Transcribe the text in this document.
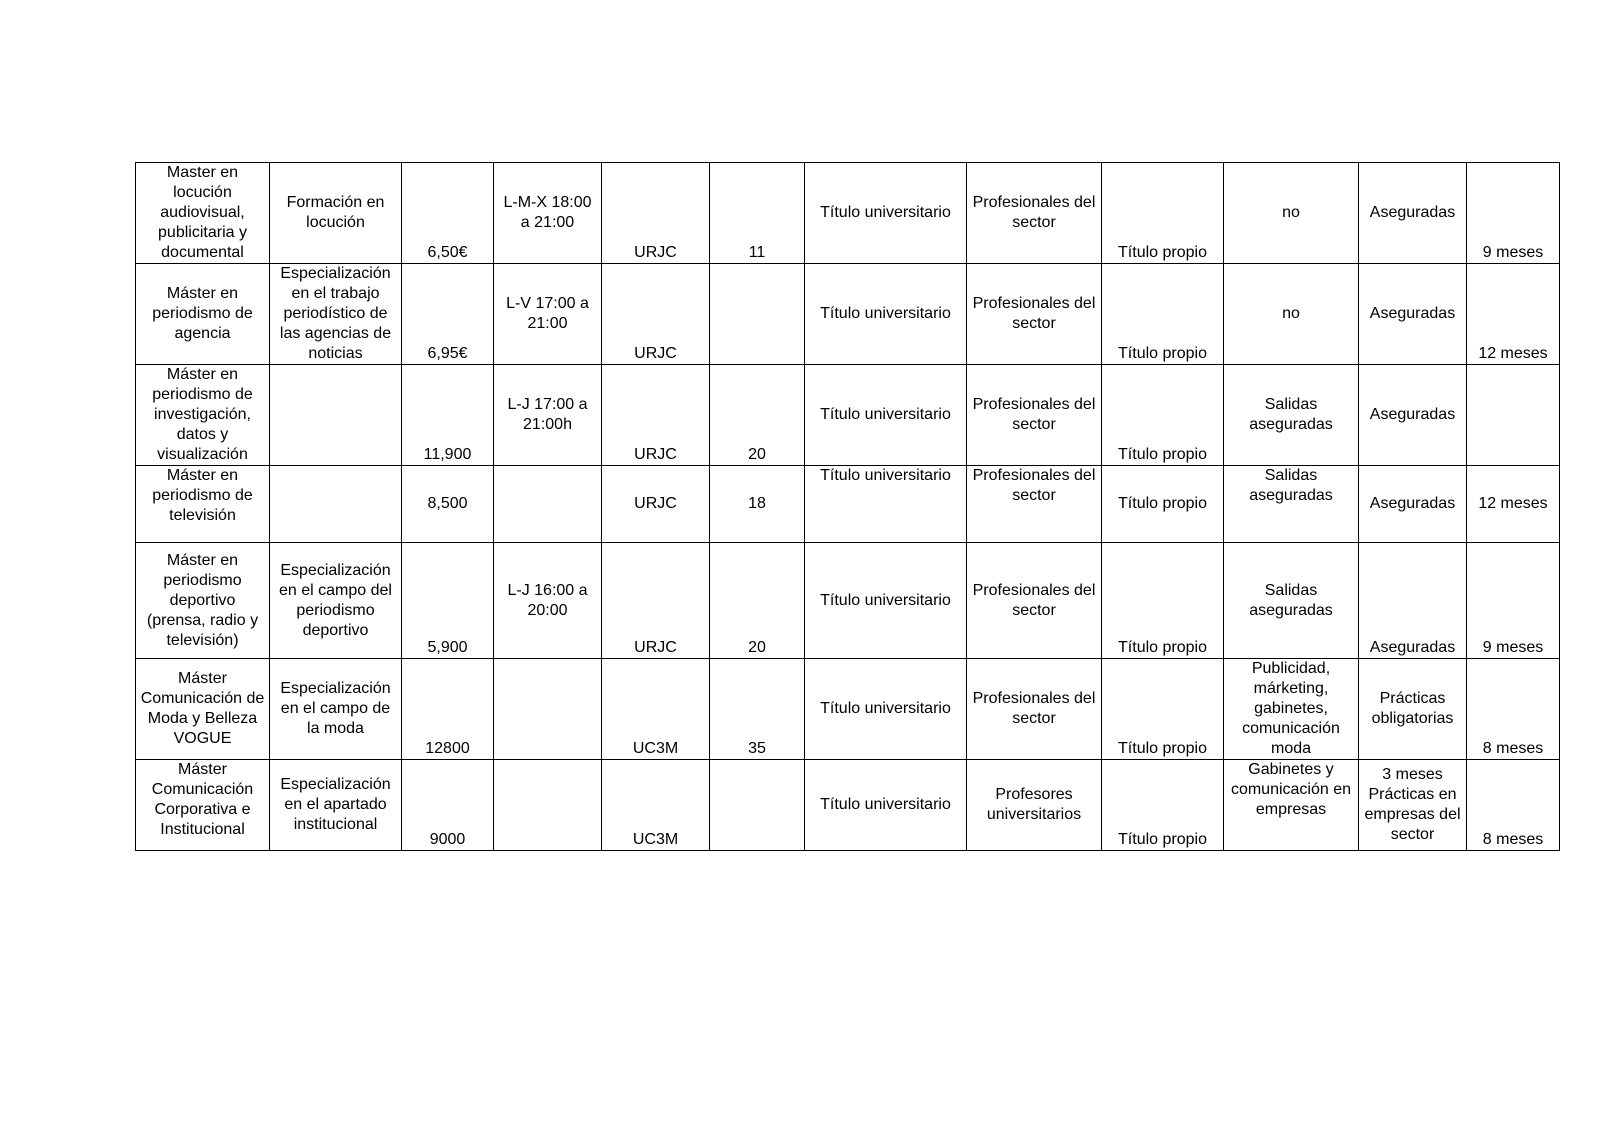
Master en locución audiovisual, publicitaria y documental	Formación en locución	6,50€	L-M-X 18:00 a 21:00	URJC	11	Título universitario	Profesionales del sector	Título propio	no	Aseguradas	9 meses
Máster en periodismo de agencia	Especialización en el trabajo periodístico de las agencias de noticias	6,95€	L-V 17:00 a 21:00	URJC		Título universitario	Profesionales del sector	Título propio	no	Aseguradas	12 meses
Máster en periodismo de investigación, datos y visualización		11,900	L-J 17:00 a 21:00h	URJC	20	Título universitario	Profesionales del sector	Título propio	Salidas aseguradas	Aseguradas	
Máster en periodismo de televisión		8,500		URJC	18	Título universitario	Profesionales del sector	Título propio	Salidas aseguradas	Aseguradas	12 meses
Máster en periodismo deportivo (prensa, radio y televisión)	Especialización en el campo del periodismo deportivo	5,900	L-J 16:00 a 20:00	URJC	20	Título universitario	Profesionales del sector	Título propio	Salidas aseguradas	Aseguradas	9 meses
Máster Comunicación de Moda y Belleza VOGUE	Especialización en el campo de la moda	12800		UC3M	35	Título universitario	Profesionales del sector	Título propio	Publicidad, márketing, gabinetes, comunicación moda	Prácticas obligatorias	8 meses
Máster Comunicación Corporativa e Institucional	Especialización en el apartado institucional	9000		UC3M		Título universitario	Profesores universitarios	Título propio	Gabinetes y comunicación en empresas	3 meses Prácticas en empresas del sector	8 meses
